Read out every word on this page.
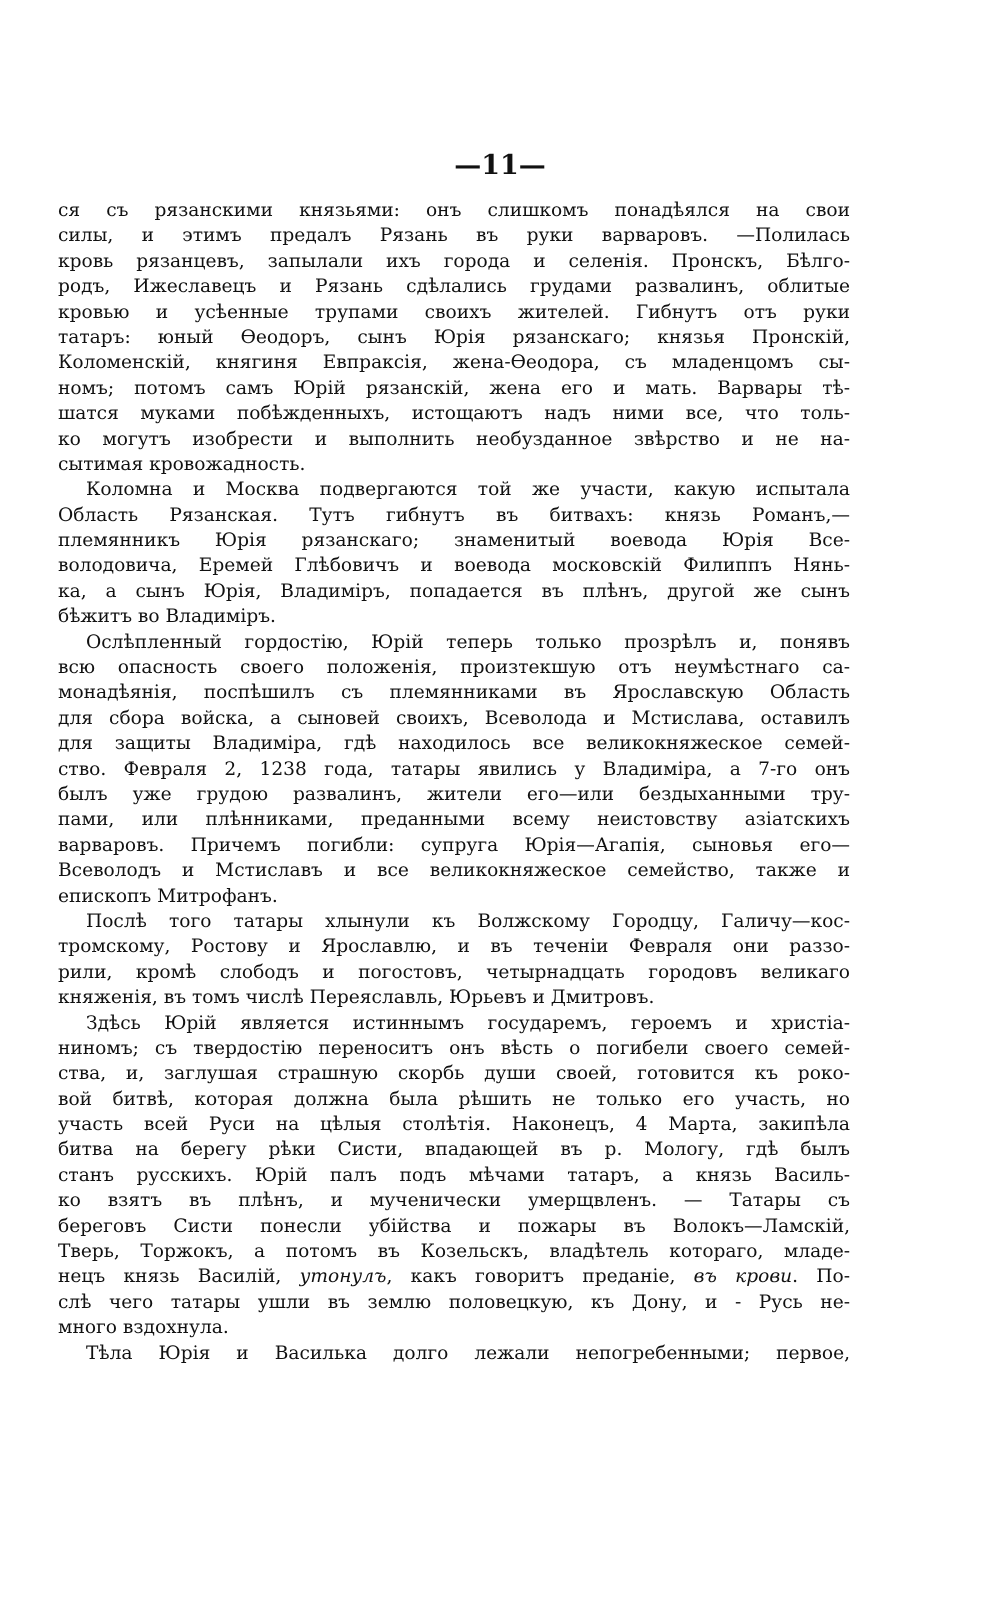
—11—
ся съ рязанскими князьями: онъ слишкомъ понадѣялся на свои
силы, и этимъ предалъ Рязань въ руки варваровъ. —Полилась
кровь рязанцевъ, запылали ихъ города и селенія. Пронскъ, Бѣлго-
родъ, Ижеславецъ и Рязань сдѣлались грудами развалинъ, облитые
кровью и усѣенные трупами своихъ жителей. Гибнутъ отъ руки
татаръ: юный Ѳеодоръ, сынъ Юрія рязанскаго; князья Пронскій,
Коломенскій, княгиня Евпраксія, жена-Ѳеодора, съ младенцомъ сы-
номъ; потомъ самъ Юрій рязанскій, жена его и мать. Варвары тѣ-
шатся муками побѣжденныхъ, истощаютъ надъ ними все, что толь-
ко могутъ изобрести и выполнить необузданное звѣрство и не на-
сытимая кровожадность.
Коломна и Москва подвергаются той же участи, какую испытала
Область Рязанская. Тутъ гибнутъ въ битвахъ: князь Романъ,—
племянникъ Юрія рязанскаго; знаменитый воевода Юрія Все-
володовича, Еремей Глѣбовичъ и воевода московскій Филиппъ Нянь-
ка, а сынъ Юрія, Владиміръ, попадается въ плѣнъ, другой же сынъ
бѣжитъ во Владиміръ.
Ослѣпленный гордостію, Юрій теперь только прозрѣлъ и, понявъ
всю опасность своего положенія, произтекшую отъ неумѣстнаго са-
монадѣянія, поспѣшилъ съ племянниками въ Ярославскую Область
для сбора войска, а сыновей своихъ, Всеволода и Мстислава, оставилъ
для защиты Владиміра, гдѣ находилось все великокняжеское семей-
ство. Февраля 2, 1238 года, татары явились у Владиміра, а 7-го онъ
былъ уже грудою развалинъ, жители его—или бездыханными тру-
пами, или плѣнниками, преданными всему неистовству азіатскихъ
варваровъ. Причемъ погибли: супруга Юрія—Агапія, сыновья его—
Всеволодъ и Мстиславъ и все великокняжеское семейство, также и
епископъ Митрофанъ.
Послѣ того татары хлынули къ Волжскому Городцу, Галичу—кос-
тромскому, Ростову и Ярославлю, и въ теченіи Февраля они раззо-
рили, кромѣ слободъ и погостовъ, четырнадцать городовъ великаго
княженія, въ томъ числѣ Переяславль, Юрьевъ и Дмитровъ.
Здѣсь Юрій является истиннымъ государемъ, героемъ и христіа-
ниномъ; съ твердостію переноситъ онъ вѣсть о погибели своего семей-
ства, и, заглушая страшную скорбь души своей, готовится къ роко-
вой битвѣ, которая должна была рѣшить не только его участь, но
участь всей Руси на цѣлыя столѣтія. Наконецъ, 4 Марта, закипѣла
битва на берегу рѣки Систи, впадающей въ р. Мологу, гдѣ былъ
станъ русскихъ. Юрій палъ подъ мѣчами татаръ, а князь Василь-
ко взятъ въ плѣнъ, и мученически умерщвленъ. — Татары съ
береговъ Систи понесли убійства и пожары въ Волокъ—Ламскій,
Тверь, Торжокъ, а потомъ въ Козельскъ, владѣтель котораго, младе-
нецъ князь Василій, утонулъ, какъ говоритъ преданіе, въ крови. По-
слѣ чего татары ушли въ землю половецкую, къ Дону, и - Русь не-
много вздохнула.
Тѣла Юрія и Василька долго лежали непогребенными; первое,
